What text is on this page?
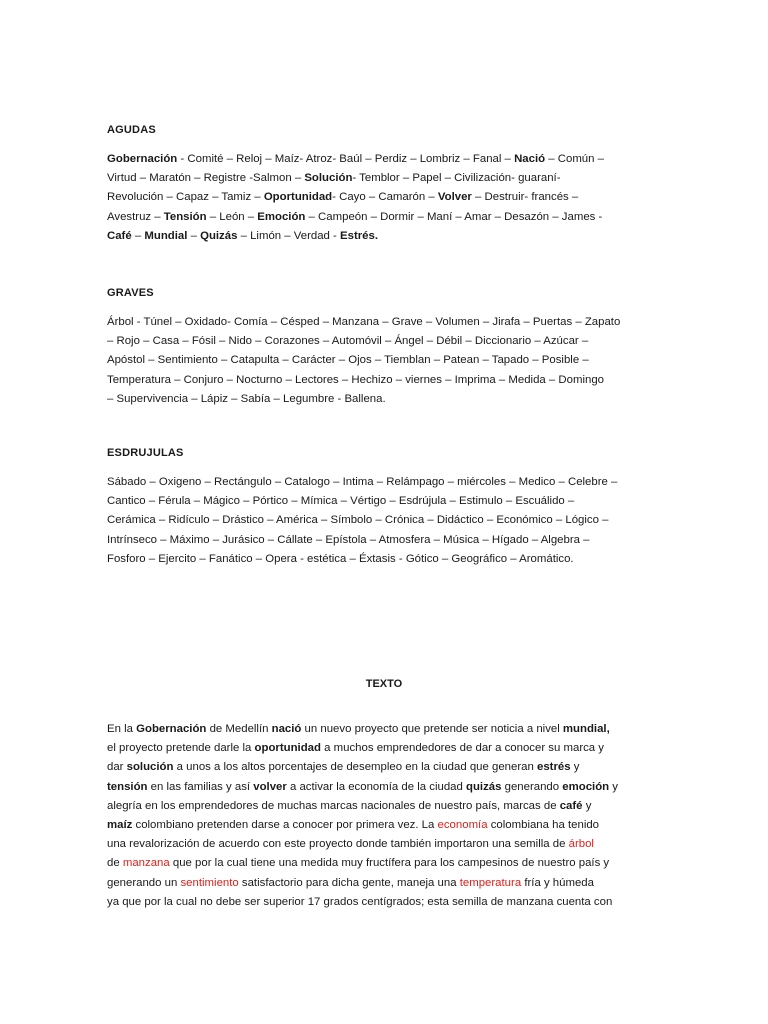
AGUDAS

Gobernación - Comité – Reloj – Maíz- Atroz- Baúl – Perdiz – Lombriz – Fanal – Nació – Común –
Virtud – Maratón – Registre -Salmon – Solución- Temblor – Papel – Civilización- guaraní-
Revolución – Capaz – Tamiz – Oportunidad- Cayo – Camarón – Volver – Destruir- francés –
Avestruz – Tensión – León – Emoción – Campeón – Dormir – Maní – Amar – Desazón – James -
Café – Mundial – Quizás – Limón – Verdad - Estrés.

GRAVES

Árbol - Túnel – Oxidado- Comía – Césped – Manzana – Grave – Volumen – Jirafa – Puertas – Zapato
– Rojo – Casa – Fósil – Nido – Corazones – Automóvil – Ángel – Débil – Diccionario – Azúcar –
Apóstol – Sentimiento – Catapulta – Carácter – Ojos – Tiemblan – Patean – Tapado – Posible –
Temperatura – Conjuro – Nocturno – Lectores – Hechizo – viernes – Imprima – Medida – Domingo
– Supervivencia – Lápiz – Sabía – Legumbre - Ballena.

ESDRUJULAS

Sábado – Oxigeno – Rectángulo – Catalogo – Intima – Relámpago – miércoles – Medico – Celebre –
Cantico – Férula – Mágico – Pórtico – Mímica – Vértigo – Esdrújula – Estimulo – Escuálido –
Cerámica – Ridículo – Drástico – América – Símbolo – Crónica – Didáctico – Económico – Lógico –
Intrínseco – Máximo – Jurásico – Cállate – Epístola – Atmosfera – Música – Hígado – Algebra –
Fosforo – Ejercito – Fanático – Opera - estética – Éxtasis - Gótico – Geográfico – Aromático.

TEXTO

En la Gobernación de Medellín nació un nuevo proyecto que pretende ser noticia a nivel mundial,
el proyecto pretende darle la oportunidad a muchos emprendedores de dar a conocer su marca y
dar solución a unos a los altos porcentajes de desempleo en la ciudad que generan estrés y
tensión en las familias y así volver a activar la economía de la ciudad quizás generando emoción y
alegría en los emprendedores de muchas marcas nacionales de nuestro país, marcas de café y
maíz colombiano pretenden darse a conocer por primera vez. La economía colombiana ha tenido
una revalorización de acuerdo con este proyecto donde también importaron una semilla de árbol
de manzana que por la cual tiene una medida muy fructífera para los campesinos de nuestro país y
generando un sentimiento satisfactorio para dicha gente, maneja una temperatura fría y húmeda
ya que por la cual no debe ser superior 17 grados centígrados; esta semilla de manzana cuenta con
